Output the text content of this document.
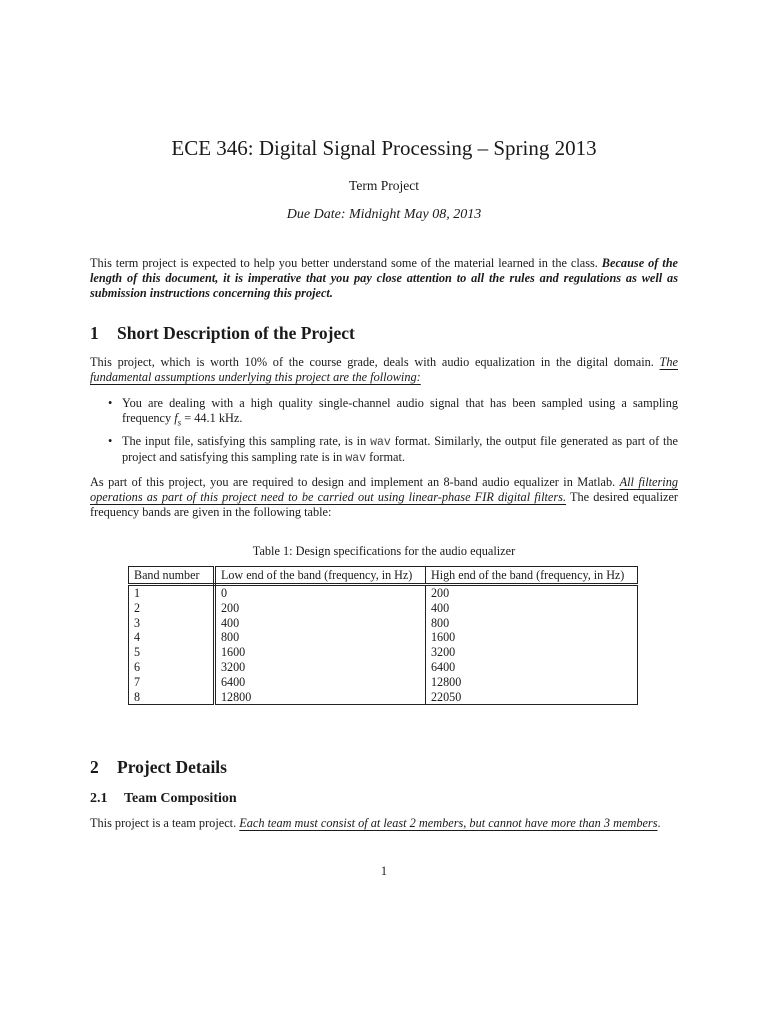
ECE 346: Digital Signal Processing – Spring 2013
Term Project
Due Date: Midnight May 08, 2013
This term project is expected to help you better understand some of the material learned in the class. Because of the length of this document, it is imperative that you pay close attention to all the rules and regulations as well as submission instructions concerning this project.
1 Short Description of the Project
This project, which is worth 10% of the course grade, deals with audio equalization in the digital domain. The fundamental assumptions underlying this project are the following:
• You are dealing with a high quality single-channel audio signal that has been sampled using a sampling frequency $f_s = 44.1$ kHz.
• The input file, satisfying this sampling rate, is in wav format. Similarly, the output file generated as part of the project and satisfying this sampling rate is in wav format.
As part of this project, you are required to design and implement an 8-band audio equalizer in Matlab. All filtering operations as part of this project need to be carried out using linear-phase FIR digital filters. The desired equalizer frequency bands are given in the following table:
Table 1: Design specifications for the audio equalizer
Band number	Low end of the band (frequency, in Hz)	High end of the band (frequency, in Hz)
1	0	200
2	200	400
3	400	800
4	800	1600
5	1600	3200
6	3200	6400
7	6400	12800
8	12800	22050
2 Project Details
2.1 Team Composition
This project is a team project. Each team must consist of at least 2 members, but cannot have more than 3 members.
1
